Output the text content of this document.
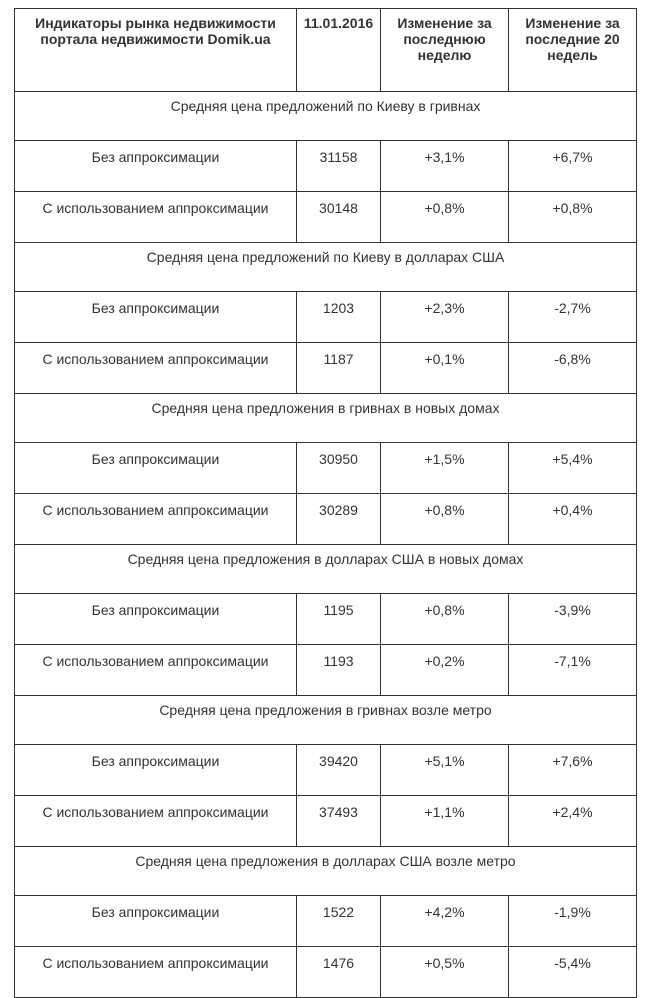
Индикаторы рынка недвижимости портала недвижимости Domik.ua	11.01.2016	Изменение за последнюю неделю	Изменение за последние 20 недель
Средняя цена предложений по Киеву в гривнах			
Без аппроксимации	31158	+3,1%	+6,7%
С использованием аппроксимации	30148	+0,8%	+0,8%
Средняя цена предложений по Киеву в долларах США			
Без аппроксимации	1203	+2,3%	-2,7%
С использованием аппроксимации	1187	+0,1%	-6,8%
Средняя цена предложения в гривнах в новых домах			
Без аппроксимации	30950	+1,5%	+5,4%
С использованием аппроксимации	30289	+0,8%	+0,4%
Средняя цена предложения в долларах США в новых домах			
Без аппроксимации	1195	+0,8%	-3,9%
С использованием аппроксимации	1193	+0,2%	-7,1%
Средняя цена предложения в гривнах возле метро			
Без аппроксимации	39420	+5,1%	+7,6%
С использованием аппроксимации	37493	+1,1%	+2,4%
Средняя цена предложения в долларах США возле метро			
Без аппроксимации	1522	+4,2%	-1,9%
С использованием аппроксимации	1476	+0,5%	-5,4%
